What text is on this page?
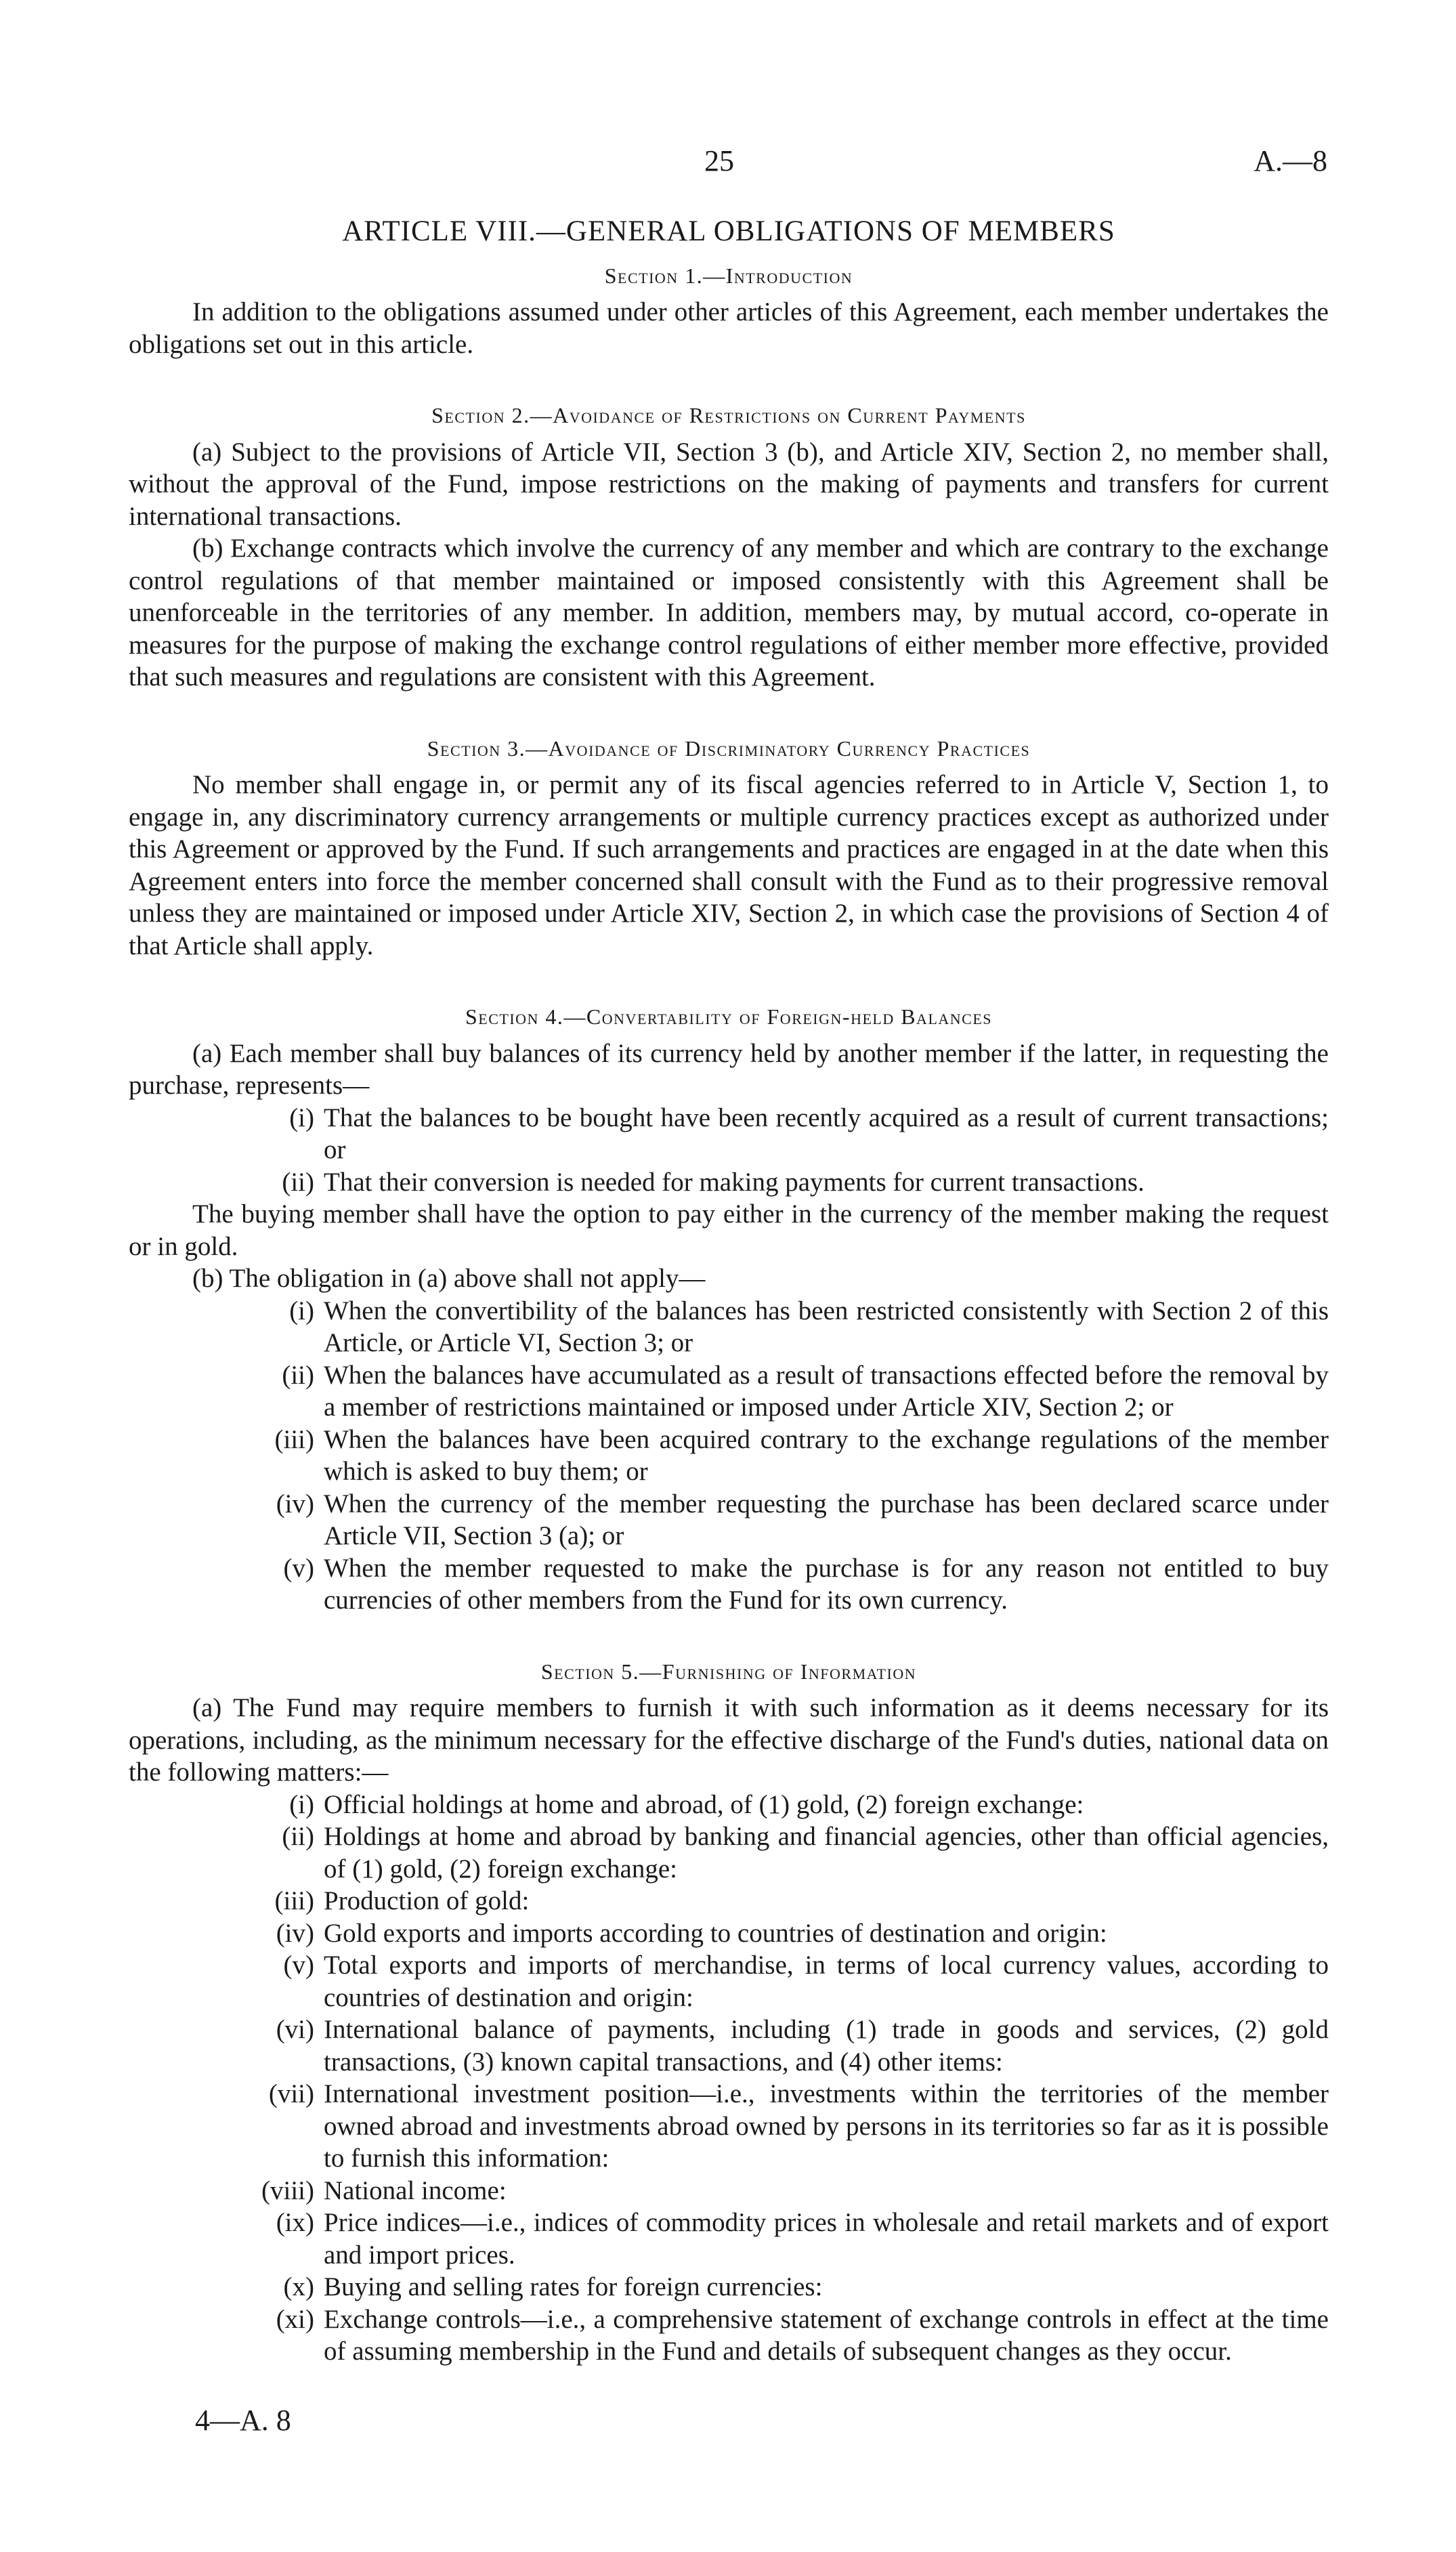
25	A.—8
ARTICLE VIII.—GENERAL OBLIGATIONS OF MEMBERS
Section 1.—Introduction

In addition to the obligations assumed under other articles of this Agreement, each member undertakes the obligations set out in this article.

Section 2.—Avoidance of Restrictions on Current Payments

(a) Subject to the provisions of Article VII, Section 3 (b), and Article XIV, Section 2, no member shall, without the approval of the Fund, impose restrictions on the making of payments and transfers for current international transactions.

(b) Exchange contracts which involve the currency of any member and which are contrary to the exchange control regulations of that member maintained or imposed consistently with this Agreement shall be unenforceable in the territories of any member. In addition, members may, by mutual accord, co-operate in measures for the purpose of making the exchange control regulations of either member more effective, provided that such measures and regulations are consistent with this Agreement.

Section 3.—Avoidance of Discriminatory Currency Practices

No member shall engage in, or permit any of its fiscal agencies referred to in Article V, Section 1, to engage in, any discriminatory currency arrangements or multiple currency practices except as authorized under this Agreement or approved by the Fund. If such arrangements and practices are engaged in at the date when this Agreement enters into force the member concerned shall consult with the Fund as to their progressive removal unless they are maintained or imposed under Article XIV, Section 2, in which case the provisions of Section 4 of that Article shall apply.

Section 4.—Convertability of Foreign-held Balances

(a) Each member shall buy balances of its currency held by another member if the latter, in requesting the purchase, represents—

(i) That the balances to be bought have been recently acquired as a result of current transactions; or
(ii) That their conversion is needed for making payments for current transactions.

The buying member shall have the option to pay either in the currency of the member making the request or in gold.

(b) The obligation in (a) above shall not apply—

(i) When the convertibility of the balances has been restricted consistently with Section 2 of this Article, or Article VI, Section 3; or
(ii) When the balances have accumulated as a result of transactions effected before the removal by a member of restrictions maintained or imposed under Article XIV, Section 2; or
(iii) When the balances have been acquired contrary to the exchange regulations of the member which is asked to buy them; or
(iv) When the currency of the member requesting the purchase has been declared scarce under Article VII, Section 3 (a); or
(v) When the member requested to make the purchase is for any reason not entitled to buy currencies of other members from the Fund for its own currency.
Section 5.—Furnishing of Information

(a) The Fund may require members to furnish it with such information as it deems necessary for its operations, including, as the minimum necessary for the effective discharge of the Fund's duties, national data on the following matters:—

(i) Official holdings at home and abroad, of (1) gold, (2) foreign exchange:
(ii) Holdings at home and abroad by banking and financial agencies, other than official agencies, of (1) gold, (2) foreign exchange:
(iii) Production of gold:
(iv) Gold exports and imports according to countries of destination and origin:
(v) Total exports and imports of merchandise, in terms of local currency values, according to countries of destination and origin:
(vi) International balance of payments, including (1) trade in goods and services, (2) gold transactions, (3) known capital transactions, and (4) other items:
(vii) International investment position—i.e., investments within the territories of the member owned abroad and investments abroad owned by persons in its territories so far as it is possible to furnish this information:
(viii) National income:
(ix) Price indices—i.e., indices of commodity prices in wholesale and retail markets and of export and import prices.
(x) Buying and selling rates for foreign currencies:
(xi) Exchange controls—i.e., a comprehensive statement of exchange controls in effect at the time of assuming membership in the Fund and details of subsequent changes as they occur.
4—A. 8
